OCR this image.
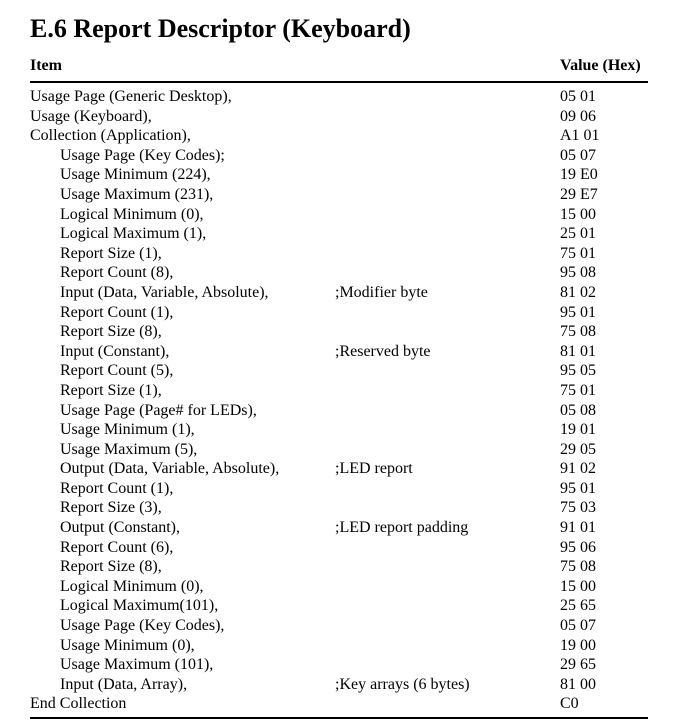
E.6 Report Descriptor (Keyboard)
Item	Value (Hex)
Usage Page (Generic Desktop),	05 01
Usage (Keyboard),	09 06
Collection (Application),	A1 01
Usage Page (Key Codes);	05 07
Usage Minimum (224),	19 E0
Usage Maximum (231),	29 E7
Logical Minimum (0),	15 00
Logical Maximum (1),	25 01
Report Size (1),	75 01
Report Count (8),	95 08
Input (Data, Variable, Absolute),	;Modifier byte	81 02
Report Count (1),	95 01
Report Size (8),	75 08
Input (Constant),	;Reserved byte	81 01
Report Count (5),	95 05
Report Size (1),	75 01
Usage Page (Page# for LEDs),	05 08
Usage Minimum (1),	19 01
Usage Maximum (5),	29 05
Output (Data, Variable, Absolute),	;LED report	91 02
Report Count (1),	95 01
Report Size (3),	75 03
Output (Constant),	;LED report padding	91 01
Report Count (6),	95 06
Report Size (8),	75 08
Logical Minimum (0),	15 00
Logical Maximum(101),	25 65
Usage Page (Key Codes),	05 07
Usage Minimum (0),	19 00
Usage Maximum (101),	29 65
Input (Data, Array),	;Key arrays (6 bytes)	81 00
End Collection	C0
